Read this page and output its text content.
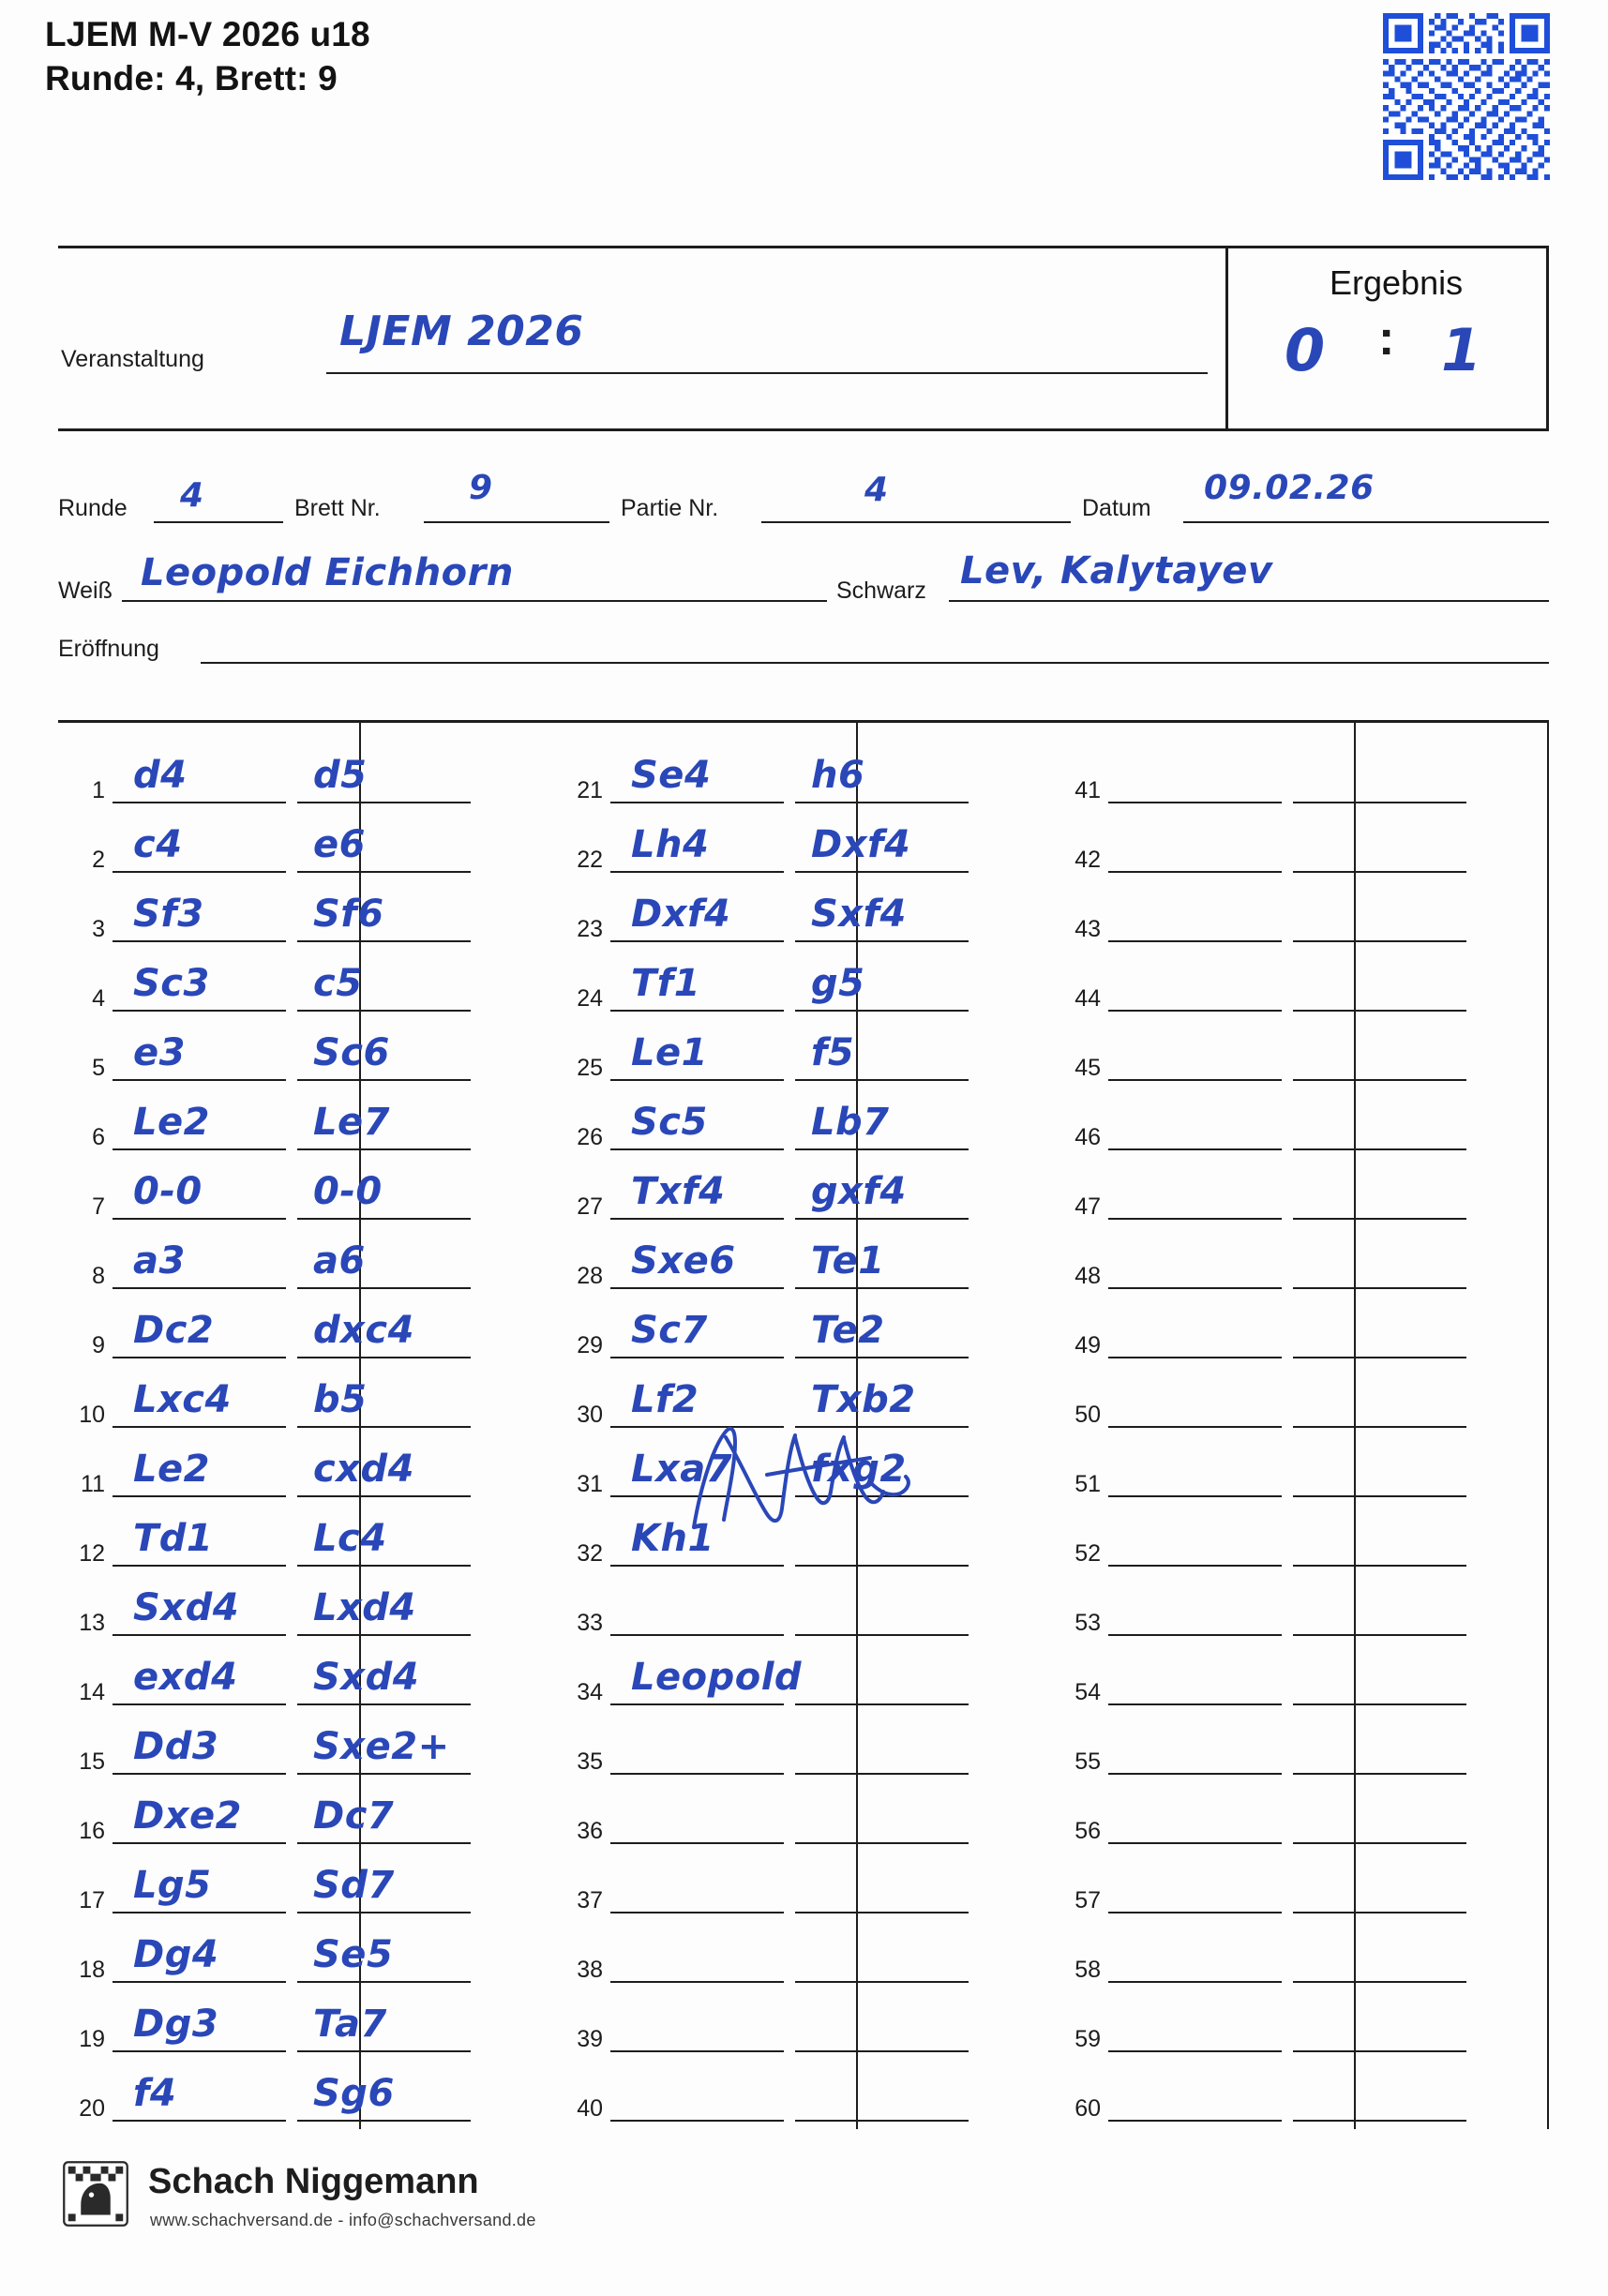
LJEM M-V 2026 u18
Runde: 4, Brett: 9
Veranstaltung
LJEM 2026
Ergebnis
0 : 1
Runde 4	Brett Nr.
9
Partie Nr.	4	Datum
09.02.26
Weiß Leopold Eichhorn	Schwarz Lev, Kalytayev
Eröffnung
1 d4	d5
2 c4	e6
3 Sf3	Sf6
4 Sc3	c5
5 e3	Sc6
6 Le2	Le7
7 0-0	0-0
8 a3	a6
9 Dc2	dxc4
10 Lxc4 b5
11 Le2	cxd4
12 Td1	Lc4
13 Sxd4 Lxd4
14 exd4 Sxd4
15 Dd3	Sxe2+
16 Dxe2 Dc7
17 Lg5	Sd7
18 Dg4	Se5
19 Dg3	Ta7
20 f4	Sg6
21 Se4	h6
22 Lh4	Dxf4
23 Dxf4 Sxf4
24 Tf1	g5
25 Le1	f5
26 Sc5	Lb7
27 Txf4 gxf4
28 Sxe6 Te1
29 Sc7	Te2
30 Lf2	Txb2
31 Lxa7 fxg2
32 Kh1
33
34 Leopold
35
36
37
38
39
40
41
42
43
44
45
46
47
48
49
50
51
52
53
54
55
56
57
58
59
60
Schach Niggemann
www.schachversand.de - info@schachversand.de
